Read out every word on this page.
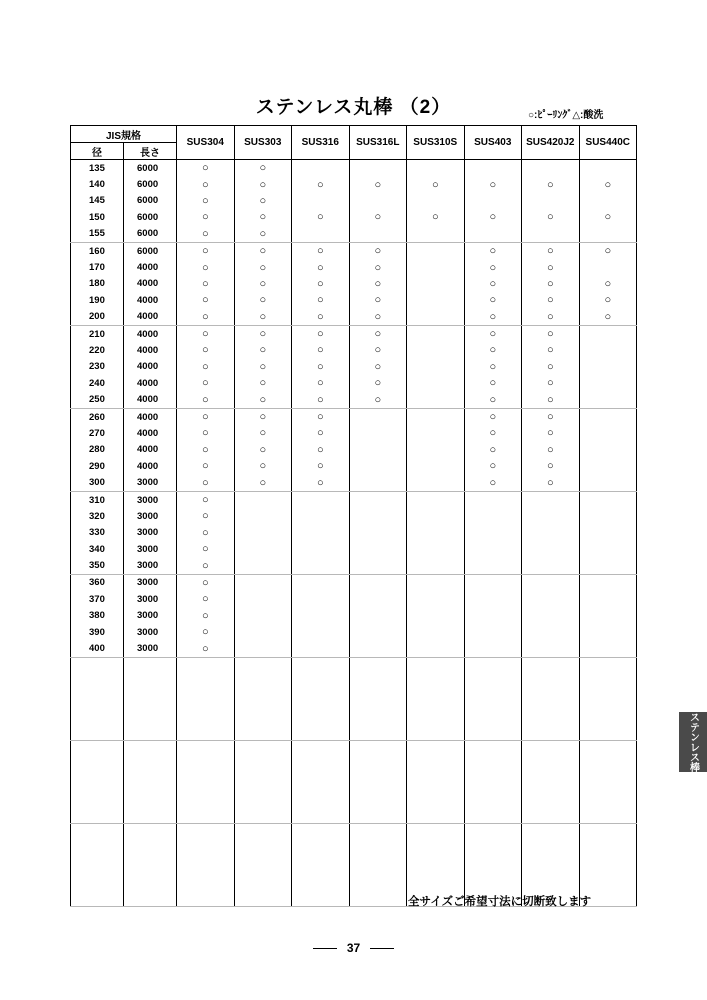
ステンレス丸棒 （2）	○:ﾋﾟｰﾘﾝｸﾞ△:酸洗
JIS規格		SUS304	SUS303	SUS316	SUS316L	SUS310S	SUS403	SUS420J2	SUS440C
径	長さ								
135	6000	○	○						
140	6000	○	○	○	○	○	○	○	○
145	6000	○	○						
150	6000	○	○	○	○	○	○	○	○
155	6000	○	○						
160	6000	○	○	○	○		○	○	○
170	4000	○	○	○	○		○	○	
180	4000	○	○	○	○		○	○	○
190	4000	○	○	○	○		○	○	○
200	4000	○	○	○	○		○	○	○
210	4000	○	○	○	○		○	○	
220	4000	○	○	○	○		○	○	
230	4000	○	○	○	○		○	○	
240	4000	○	○	○	○		○	○	
250	4000	○	○	○	○		○	○	
260	4000	○	○	○			○	○	
270	4000	○	○	○			○	○	
280	4000	○	○	○			○	○	
290	4000	○	○	○			○	○	
300	3000	○	○	○			○	○	
310	3000	○							
320	3000	○							
330	3000	○							
340	3000	○							
350	3000	○							
360	3000	○							
370	3000	○							
380	3000	○							
390	3000	○							
400	3000	○							

全サイズご希望寸法に切断致します
37
ステンレス棒
